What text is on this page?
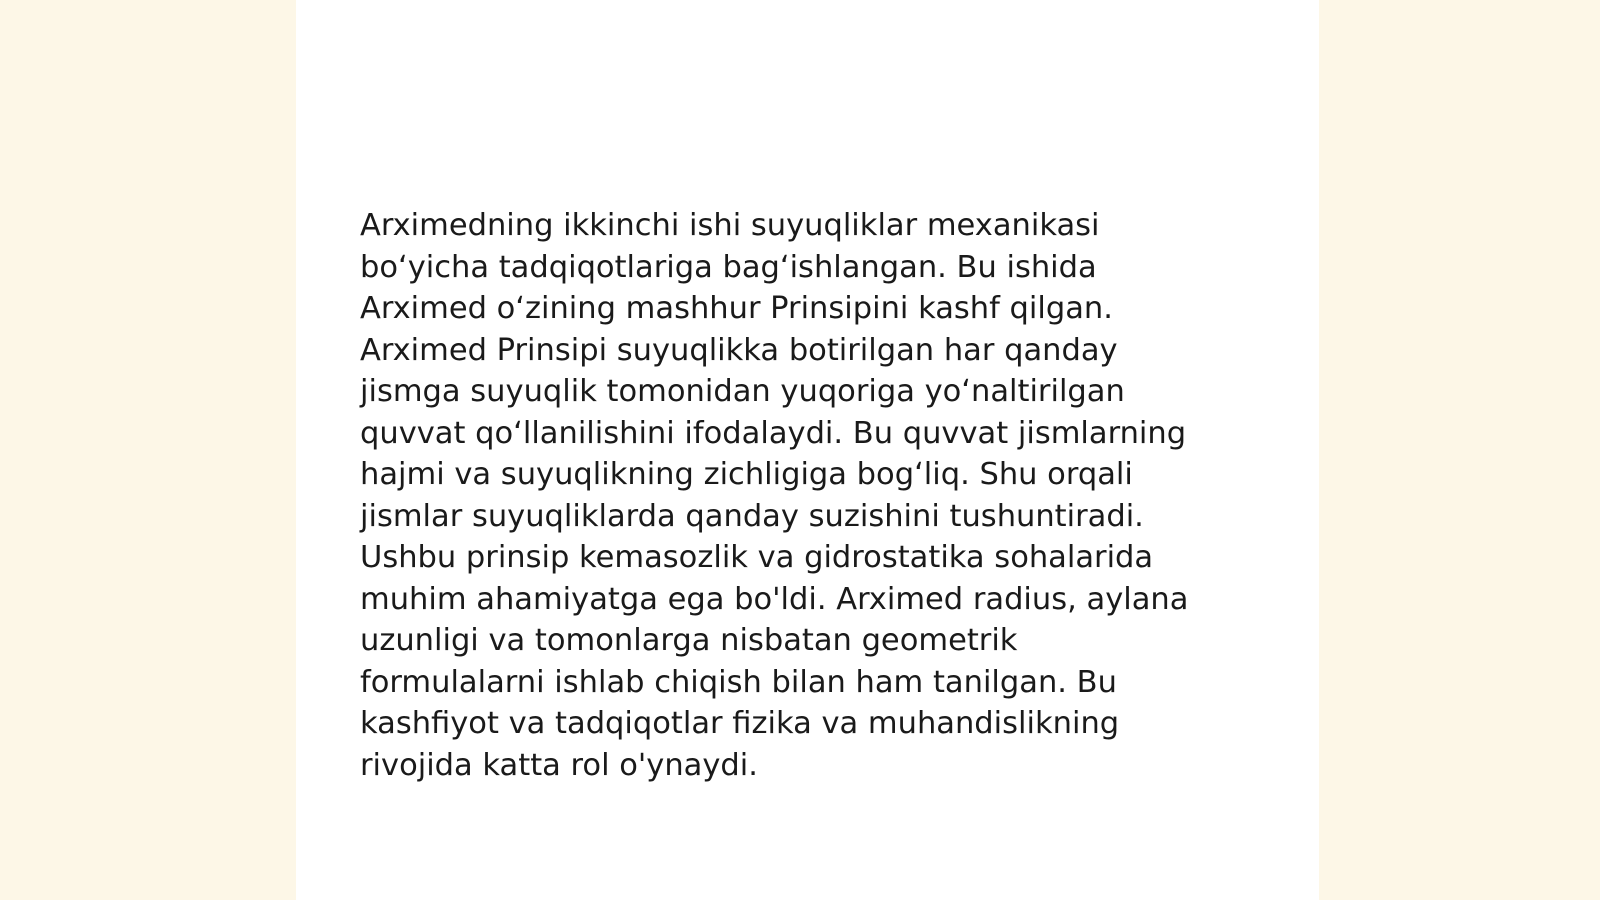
Arximedning ikkinchi ishi suyuqliklar mexanikasi
bo‘yicha tadqiqotlariga bag‘ishlangan. Bu ishida
Arximed o‘zining mashhur Prinsipini kashf qilgan.
Arximed Prinsipi suyuqlikka botirilgan har qanday
jismga suyuqlik tomonidan yuqoriga yo‘naltirilgan
quvvat qo‘llanilishini ifodalaydi. Bu quvvat jismlarning
hajmi va suyuqlikning zichligiga bog‘liq. Shu orqali
jismlar suyuqliklarda qanday suzishini tushuntiradi.
Ushbu prinsip kemasozlik va gidrostatika sohalarida
muhim ahamiyatga ega bo'ldi. Arximed radius, aylana
uzunligi va tomonlarga nisbatan geometrik
formulalarni ishlab chiqish bilan ham tanilgan. Bu
kashfiyot va tadqiqotlar fizika va muhandislikning
rivojida katta rol o'ynaydi.
